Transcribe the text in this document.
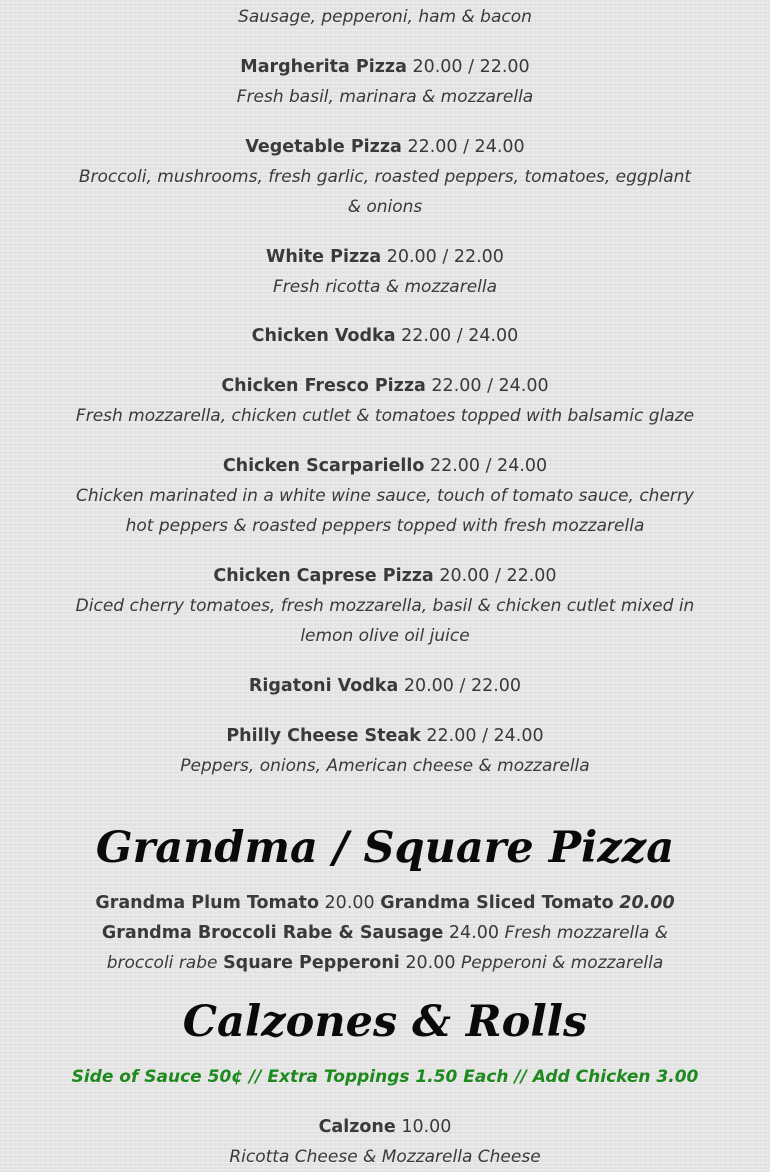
Sausage, pepperoni, ham & bacon
Margherita Pizza 20.00 / 22.00
Fresh basil, marinara & mozzarella
Vegetable Pizza 22.00 / 24.00
Broccoli, mushrooms, fresh garlic, roasted peppers, tomatoes, eggplant & onions
White Pizza 20.00 / 22.00
Fresh ricotta & mozzarella
Chicken Vodka 22.00 / 24.00
Chicken Fresco Pizza 22.00 / 24.00
Fresh mozzarella, chicken cutlet & tomatoes topped with balsamic glaze
Chicken Scarpariello 22.00 / 24.00
Chicken marinated in a white wine sauce, touch of tomato sauce, cherry hot peppers & roasted peppers topped with fresh mozzarella
Chicken Caprese Pizza 20.00 / 22.00
Diced cherry tomatoes, fresh mozzarella, basil & chicken cutlet mixed in lemon olive oil juice
Rigatoni Vodka 20.00 / 22.00
Philly Cheese Steak 22.00 / 24.00
Peppers, onions, American cheese & mozzarella
Grandma / Square Pizza
Grandma Plum Tomato 20.00 Grandma Sliced Tomato 20.00 Grandma Broccoli Rabe & Sausage 24.00 Fresh mozzarella & broccoli rabe Square Pepperoni 20.00 Pepperoni & mozzarella
Calzones & Rolls
Side of Sauce 50¢ // Extra Toppings 1.50 Each // Add Chicken 3.00
Calzone 10.00
Ricotta Cheese & Mozzarella Cheese
